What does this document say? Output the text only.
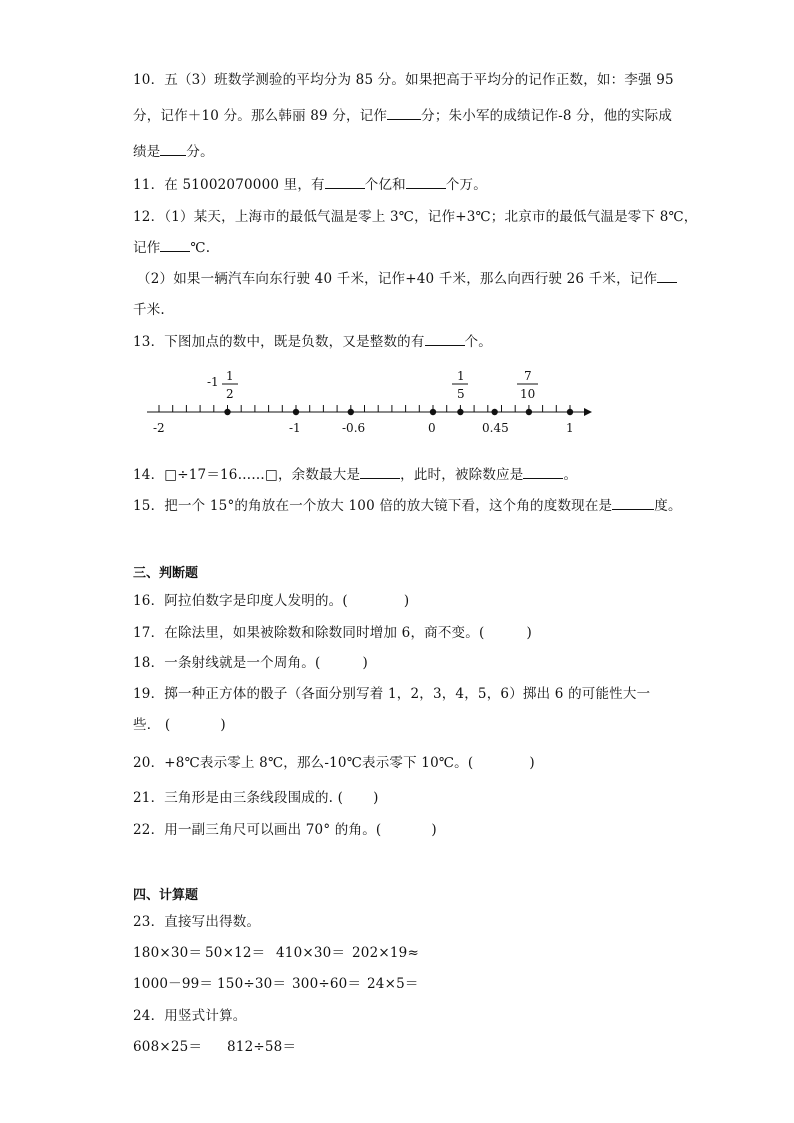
10．五（3）班数学测验的平均分为 85 分。如果把高于平均分的记作正数，如：李强 95
分，记作＋10 分。那么韩丽 89 分，记作	分；朱小军的成绩记作-8 分，他的实际成
绩是 分。
11．在 51002070000 里，有	个亿和	个万。
12．（1）某天，上海市的最低气温是零上 3℃，记作+3℃；北京市的最低气温是零下 8℃，
记作 ℃.
（2）如果一辆汽车向东行驶 40 千米，记作+40 千米，那么向西行驶 26 千米，记作
千米.
13．下图加点的数中，既是负数，又是整数的有	个。
-1 1
2
1
5
7
10
-2	-1	-0.6	0	0.45	1
14．□÷17＝16……□，余数最大是	，此时，被除数应是	。
15．把一个 15°的角放在一个放大 100 倍的放大镜下看，这个角的度数现在是	度。
三、判断题
16．阿拉伯数字是印度人发明的。(	)
17．在除法里，如果被除数和除数同时增加 6，商不变。(	)
18．一条射线就是一个周角。(	)
19．掷一种正方体的骰子（各面分别写着 1，2，3，4，5，6）掷出 6 的可能性大一
些． (	)
20．+8℃表示零上 8℃，那么-10℃表示零下 10℃。(	)
21．三角形是由三条线段围成的. ( )
22．用一副三角尺可以画出 70° 的角。(	)
四、计算题
23．直接写出得数。
180×30＝ 50×12＝ 410×30＝ 202×19≈
1000－99＝ 150÷30＝ 300÷60＝ 24×5＝
24．用竖式计算。
608×25＝ 812÷58＝
